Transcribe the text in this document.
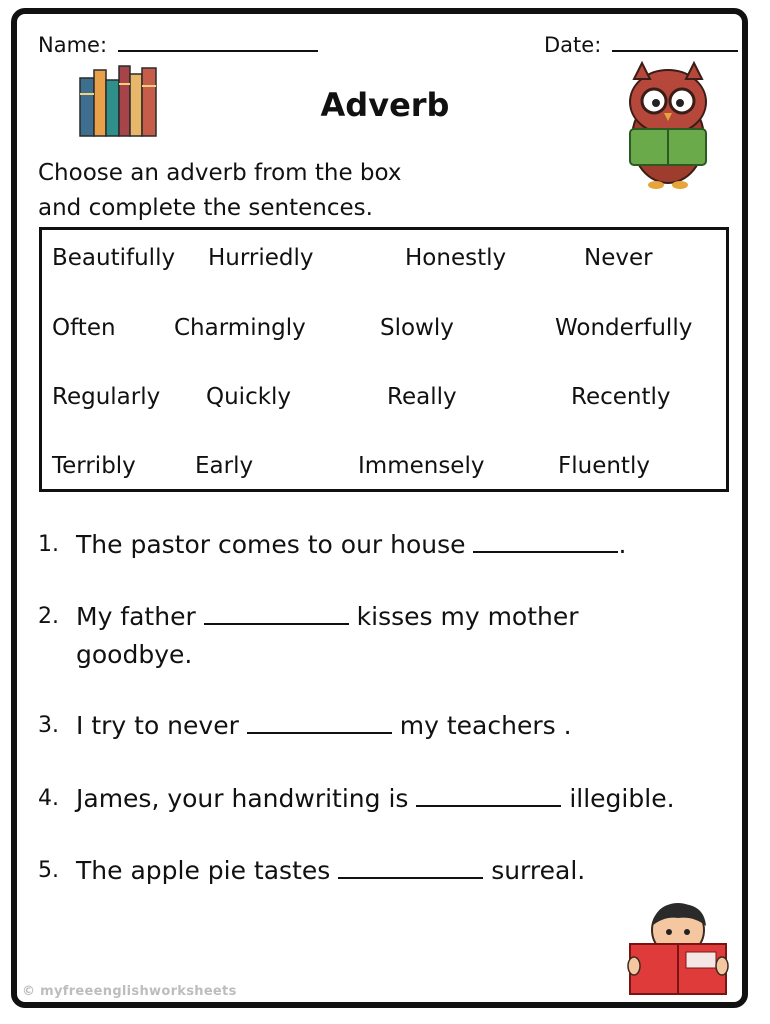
Name:	Date:
Adverb
Choose an adverb from the box
and complete the sentences.
Beautifully Hurriedly	Honestly	Never
Often	Charmingly	Slowly	Wonderfully
Regularly Quickly	Really	Recently
Terribly	Early	Immensely	Fluently
1. The pastor comes to our house	.
2. My father	kisses my mother
goodbye.
3. I try to never	my teachers .
4. James, your handwriting is	illegible.
5. The apple pie tastes	surreal.
© myfreeenglishworksheets
